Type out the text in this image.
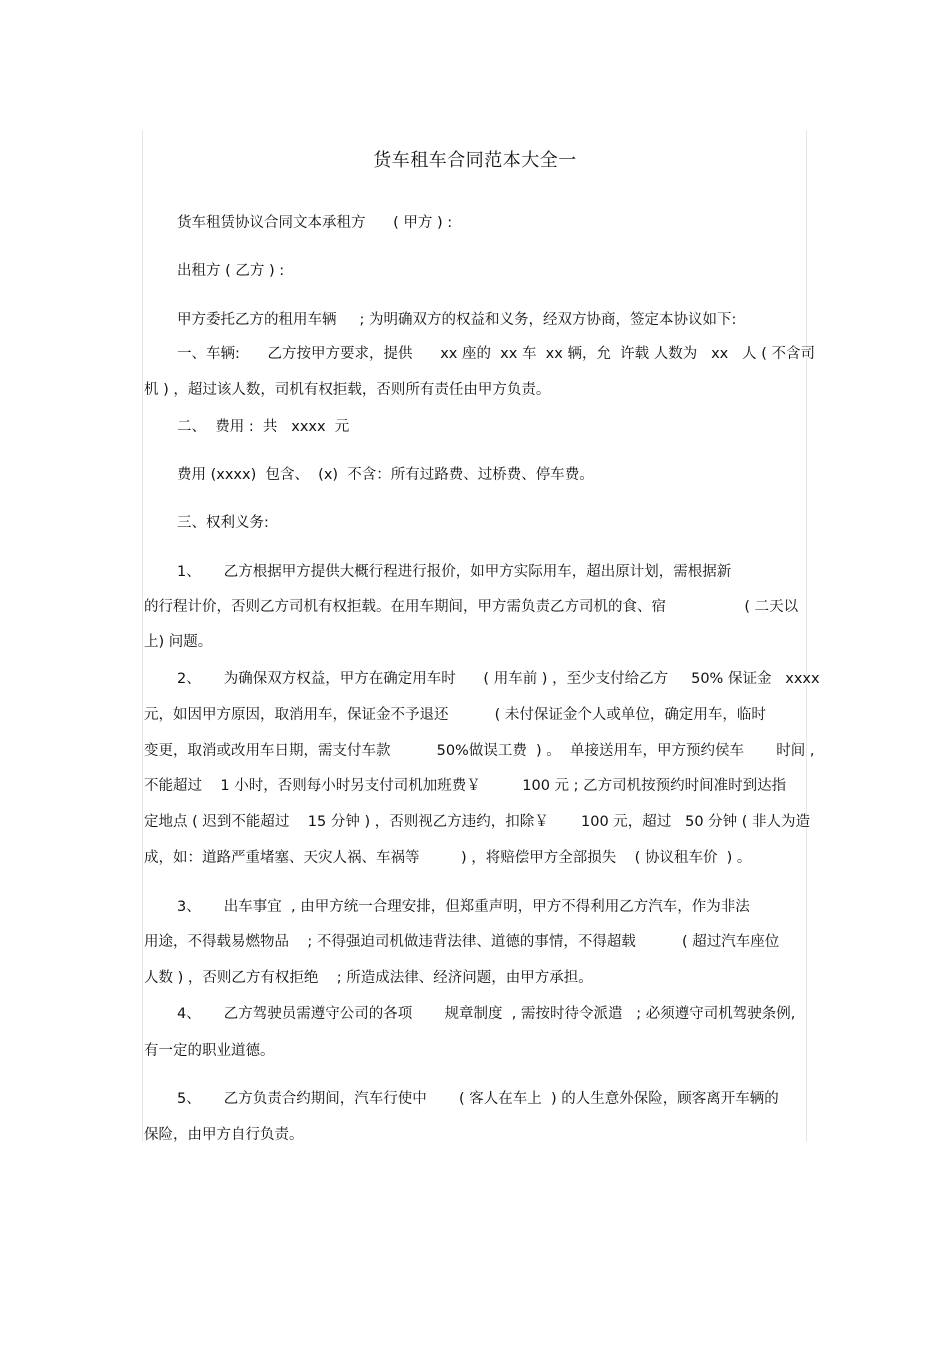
货车租车合同范本大全一
货车租赁协议合同文本承租方      ( 甲方 ) :
出租方 ( 乙方 ) :
甲方委托乙方的租用车辆     ; 为明确双方的权益和义务，经双方协商，签定本协议如下:
一、车辆:      乙方按甲方要求，提供      xx 座的  xx 车  xx 辆，允  许载 人数为   xx   人 ( 不含司
机 ) ，超过该人数，司机有权拒载，否则所有责任由甲方负责。
二、  费用 :  共   xxxx  元
费用 (xxxx)  包含、  (x)  不含：所有过路费、过桥费、停车费。
三、权利义务:
1、     乙方根据甲方提供大概行程进行报价，如甲方实际用车，超出原计划，需根据新
的行程计价，否则乙方司机有权拒载。在用车期间，甲方需负责乙方司机的食、宿                 ( 二天以
上) 问题。
2、     为确保双方权益，甲方在确定用车时      ( 用车前 ) ，至少支付给乙方     50% 保证金   xxxx
元，如因甲方原因，取消用车，保证金不予退还          ( 未付保证金个人或单位，确定用车，临时
变更，取消或改用车日期，需支付车款          50%做误工费  ) 。  单接送用车，甲方预约侯车       时间 ,
不能超过    1 小时，否则每小时另支付司机加班费￥         100 元 ; 乙方司机按预约时间准时到达指
定地点 ( 迟到不能超过    15 分钟 ) ，否则视乙方违约，扣除￥       100 元，超过   50 分钟 ( 非人为造
成，如：道路严重堵塞、天灾人祸、车祸等         ) ，将赔偿甲方全部损失    ( 协议租车价  ) 。
3、     出车事宜  , 由甲方统一合理安排，但郑重声明，甲方不得利用乙方汽车，作为非法
用途，不得载易燃物品    ; 不得强迫司机做违背法律、道德的事情，不得超载          ( 超过汽车座位
人数 ) ，否则乙方有权拒绝    ; 所造成法律、经济问题，由甲方承担。
4、     乙方驾驶员需遵守公司的各项       规章制度  , 需按时待令派遣   ; 必须遵守司机驾驶条例,
有一定的职业道德。
5、     乙方负责合约期间，汽车行使中       ( 客人在车上  ) 的人生意外保险，顾客离开车辆的
保险，由甲方自行负责。
